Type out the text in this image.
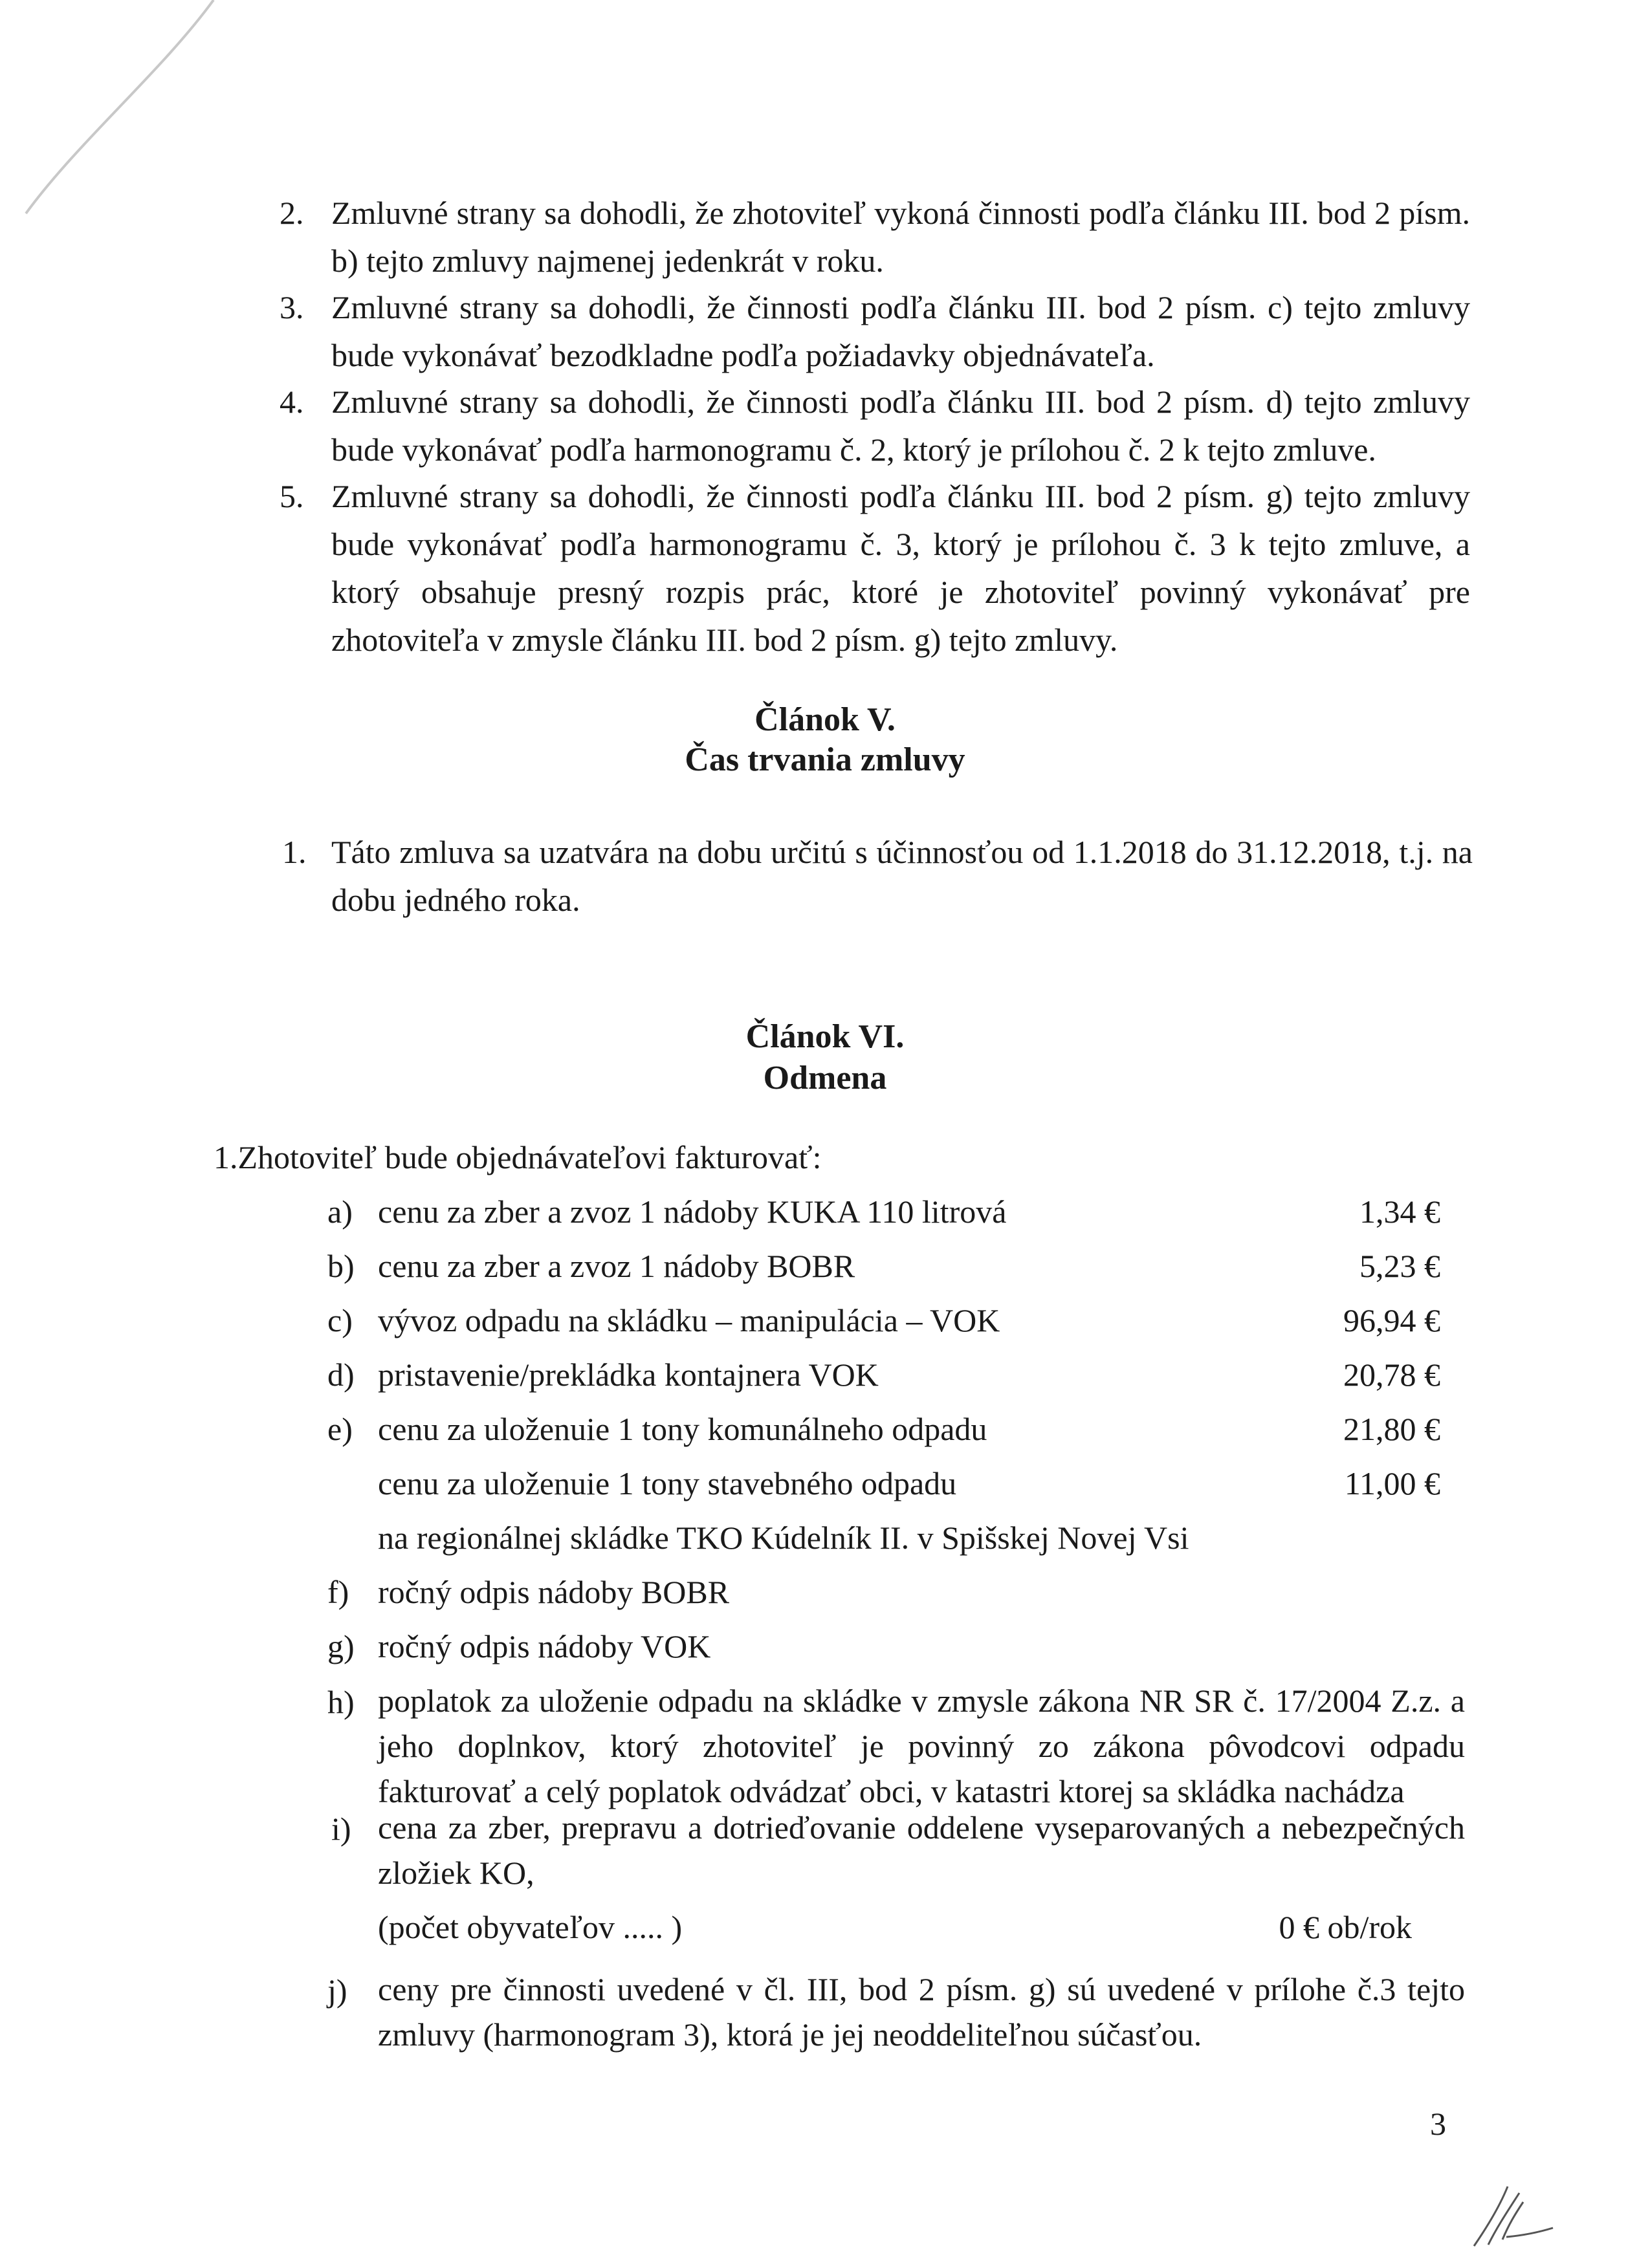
2. Zmluvné strany sa dohodli, že zhotoviteľ vykoná činnosti podľa článku III. bod 2 písm. b) tejto zmluvy najmenej jedenkrát v roku.
3. Zmluvné strany sa dohodli, že činnosti podľa článku III. bod 2 písm. c) tejto zmluvy bude vykonávať bezodkladne podľa požiadavky objednávateľa.
4. Zmluvné strany sa dohodli, že činnosti podľa článku III. bod 2 písm. d) tejto zmluvy bude vykonávať podľa harmonogramu č. 2, ktorý je prílohou č. 2 k tejto zmluve.
5. Zmluvné strany sa dohodli, že činnosti podľa článku III. bod 2 písm. g) tejto zmluvy bude vykonávať podľa harmonogramu č. 3, ktorý je prílohou č. 3 k tejto zmluve, a ktorý obsahuje presný rozpis prác, ktoré je zhotoviteľ povinný vykonávať pre zhotoviteľa v zmysle článku III. bod 2 písm. g) tejto zmluvy.
Článok V.
Čas trvania zmluvy
1. Táto zmluva sa uzatvára na dobu určitú s účinnosťou od 1.1.2018 do 31.12.2018, t.j. na dobu jedného roka.
Článok VI.
Odmena
1.Zhotoviteľ bude objednávateľovi fakturovať:
a) cenu za zber a zvoz 1 nádoby KUKA 110 litrová	1,34 €
b) cenu za zber a zvoz 1 nádoby BOBR	5,23 €
c) vývoz odpadu na skládku – manipulácia – VOK	96,94 €
d) pristavenie/prekládka kontajnera VOK	20,78 €
e) cenu za uloženuie 1 tony komunálneho odpadu	21,80 €
cenu za uloženuie 1 tony stavebného odpadu	11,00 €
na regionálnej skládke TKO Kúdelník II. v Spišskej Novej Vsi
f) ročný odpis nádoby BOBR
g) ročný odpis nádoby VOK
h) poplatok za uloženie odpadu na skládke v zmysle zákona NR SR č. 17/2004 Z.z. a jeho doplnkov, ktorý zhotoviteľ je povinný zo zákona pôvodcovi odpadu fakturovať a celý poplatok odvádzať obci, v katastri ktorej sa skládka nachádza
i) cena za zber, prepravu a dotrieďovanie oddelene vyseparovaných a nebezpečných zložiek KO,
(počet obyvateľov ..... )	0 € ob/rok
j) ceny pre činnosti uvedené v čl. III, bod 2 písm. g) sú uvedené v prílohe č.3 tejto zmluvy (harmonogram 3), ktorá je jej neoddeliteľnou súčasťou.
3
